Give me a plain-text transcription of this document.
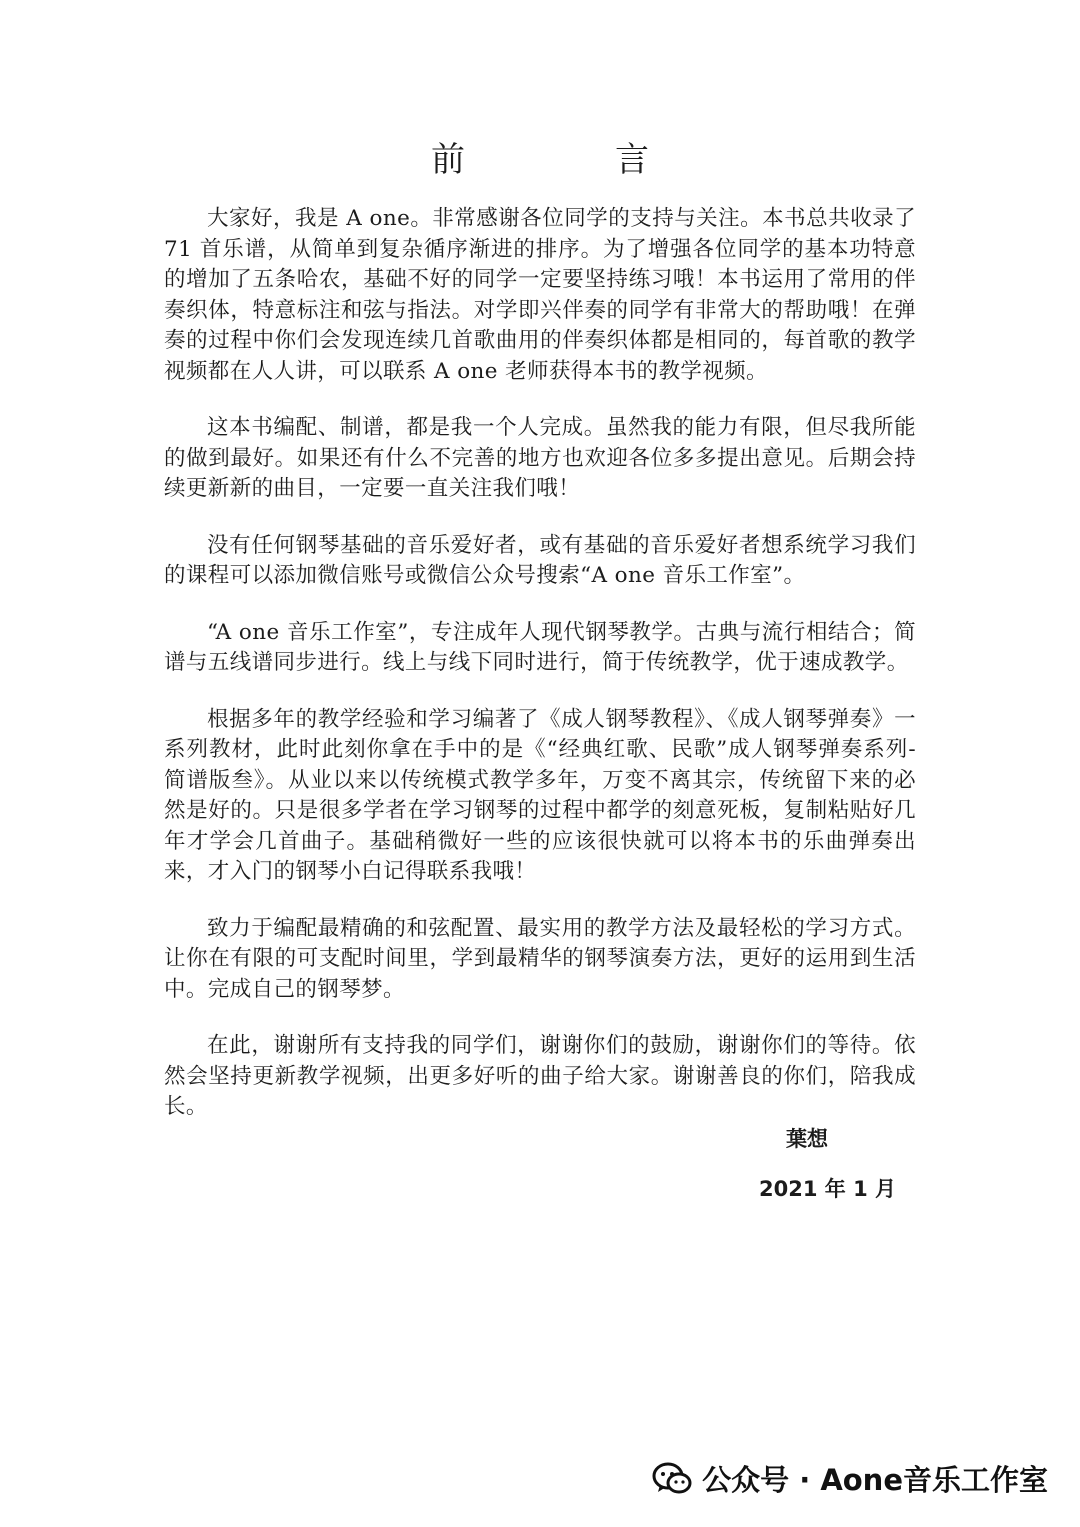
前　言

大家好，我是 A one。非常感谢各位同学的支持与关注。本书总共收录了 71 首乐谱，从简单到复杂循序渐进的排序。为了增强各位同学的基本功特意的增加了五条哈农，基础不好的同学一定要坚持练习哦！本书运用了常用的伴奏织体，特意标注和弦与指法。对学即兴伴奏的同学有非常大的帮助哦！在弹奏的过程中你们会发现连续几首歌曲用的伴奏织体都是相同的，每首歌的教学视频都在人人讲，可以联系 A one 老师获得本书的教学视频。

这本书编配、制谱，都是我一个人完成。虽然我的能力有限，但尽我所能的做到最好。如果还有什么不完善的地方也欢迎各位多多提出意见。后期会持续更新新的曲目，一定要一直关注我们哦！

没有任何钢琴基础的音乐爱好者，或有基础的音乐爱好者想系统学习我们的课程可以添加微信账号或微信公众号搜索“A one 音乐工作室”。

“A one 音乐工作室”，专注成年人现代钢琴教学。古典与流行相结合；简谱与五线谱同步进行。线上与线下同时进行，简于传统教学，优于速成教学。

根据多年的教学经验和学习编著了《成人钢琴教程》、《成人钢琴弹奏》一系列教材，此时此刻你拿在手中的是《“经典红歌、民歌”成人钢琴弹奏系列-简谱版叁》。从业以来以传统模式教学多年，万变不离其宗，传统留下来的必然是好的。只是很多学者在学习钢琴的过程中都学的刻意死板，复制粘贴好几年才学会几首曲子。基础稍微好一些的应该很快就可以将本书的乐曲弹奏出来，才入门的钢琴小白记得联系我哦！

致力于编配最精确的和弦配置、最实用的教学方法及最轻松的学习方式。让你在有限的可支配时间里，学到最精华的钢琴演奏方法，更好的运用到生活中。完成自己的钢琴梦。

在此，谢谢所有支持我的同学们，谢谢你们的鼓励，谢谢你们的等待。依然会坚持更新教学视频，出更多好听的曲子给大家。谢谢善良的你们，陪我成长。

葉想
2021 年 1 月
公众号 · Aone音乐工作室
